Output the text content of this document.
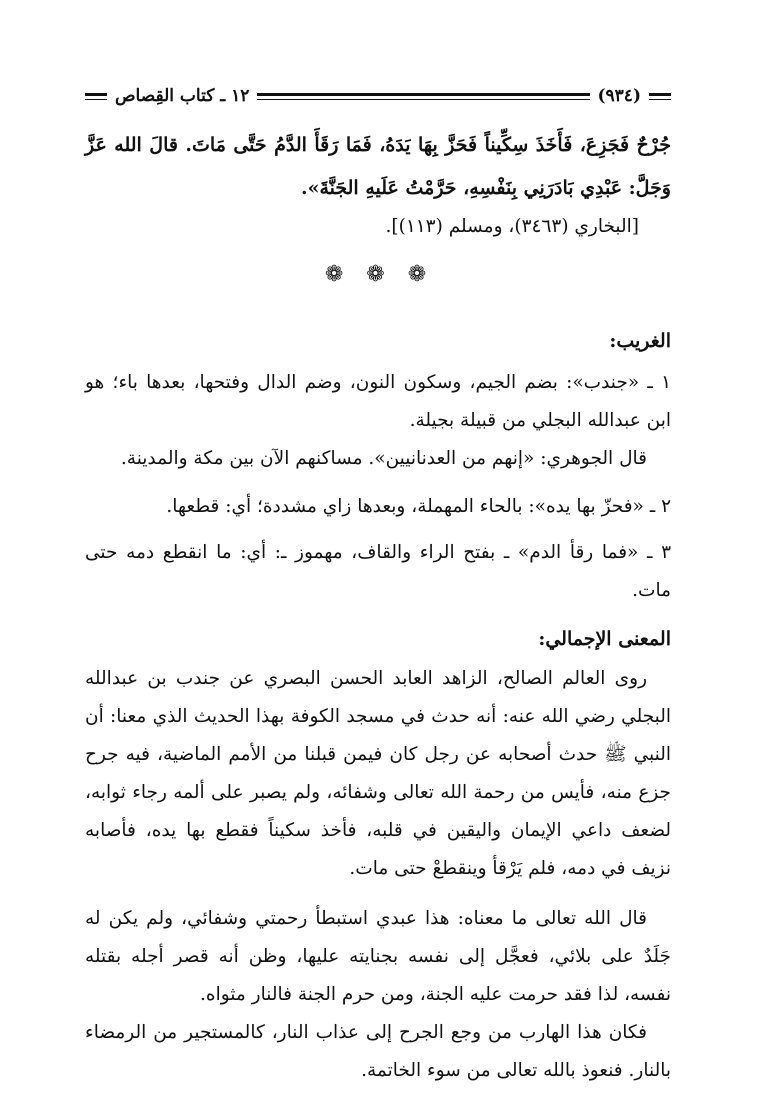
(٩٣٤)
١٢ ـ كتاب القِصاص
جُرْحٌ فَجَزِعَ، فَأَخَذَ سِكِّيناً فَحَزَّ بِهَا يَدَهُ، فَمَا رَقَأَ الدَّمُ حَتَّى مَاتَ. قالَ الله عَزَّ وَجَلَّ: عَبْدِي بَادَرَنِي بِنَفْسِهِ، حَرَّمْتُ عَلَيهِ الجَنَّةَ».
[البخاري (٣٤٦٣)، ومسلم (١١٣)].
❁ ❁ ❁
الغريب:
١ ـ «جندب»: بضم الجيم، وسكون النون، وضم الدال وفتحها، بعدها باء؛ هو ابن عبدالله البجلي من قبيلة بجيلة.
قال الجوهري: «إنهم من العدنانيين». مساكنهم الآن بين مكة والمدينة.
٢ ـ «فحزّ بها يده»: بالحاء المهملة، وبعدها زاي مشددة؛ أي: قطعها.
٣ ـ «فما رقأ الدم» ـ بفتح الراء والقاف، مهموز ـ: أي: ما انقطع دمه حتى مات.
المعنى الإجمالي:
روى العالم الصالح، الزاهد العابد الحسن البصري عن جندب بن عبدالله البجلي رضي الله عنه: أنه حدث في مسجد الكوفة بهذا الحديث الذي معنا: أن النبي ﷺ حدث أصحابه عن رجل كان فيمن قبلنا من الأمم الماضية، فيه جرح جزع منه، فأيس من رحمة الله تعالى وشفائه، ولم يصبر على ألمه رجاء ثوابه، لضعف داعي الإيمان واليقين في قلبه، فأخذ سكيناً فقطع بها يده، فأصابه نزيف في دمه، فلم يَرْقأ وينقطعْ حتى مات.
قال الله تعالى ما معناه: هذا عبدي استبطأ رحمتي وشفائي، ولم يكن له جَلَدٌ على بلائي، فعجَّل إلى نفسه بجنايته عليها، وظن أنه قصر أجله بقتله نفسه، لذا فقد حرمت عليه الجنة، ومن حرم الجنة فالنار مثواه.
فكان هذا الهارب من وجع الجرح إلى عذاب النار، كالمستجير من الرمضاء بالنار. فنعوذ بالله تعالى من سوء الخاتمة.
